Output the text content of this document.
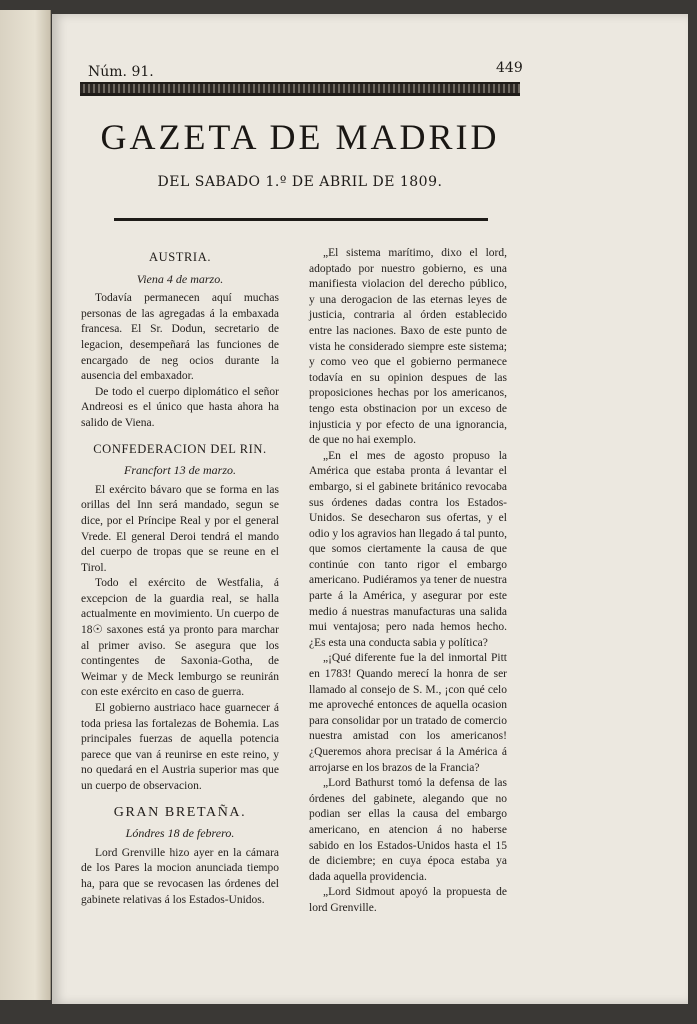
Núm. 91.	449
GAZETA DE MADRID
DEL SABADO 1.º DE ABRIL DE 1809.
AUSTRIA.
Viena 4 de marzo.

Todavía permanecen aquí muchas personas de las agregadas á la embaxada francesa. El Sr. Dodun, secretario de legacion, desempeñará las funciones de encargado de neg ocios durante la ausencia del embaxador.

De todo el cuerpo diplomático el señor Andreosi es el único que hasta ahora ha salido de Viena.

CONFEDERACION DEL RIN.
Francfort 13 de marzo.

El exército bávaro que se forma en las orillas del Inn será mandado, segun se dice, por el Príncipe Real y por el general Vrede. El general Deroi tendrá el mando del cuerpo de tropas que se reune en el Tirol.

Todo el exército de Westfalia, á excepcion de la guardia real, se halla actualmente en movimiento. Un cuerpo de 18☉ saxones está ya pronto para marchar al primer aviso. Se asegura que los contingentes de Saxonia-Gotha, de Weimar y de Meck lemburgo se reunirán con este exército en caso de guerra.

El gobierno austriaco hace guarnecer á toda priesa las fortalezas de Bohemia. Las principales fuerzas de aquella potencia parece que van á reunirse en este reino, y no quedará en el Austria superior mas que un cuerpo de observacion.

GRAN BRETAÑA.
Lóndres 18 de febrero.

Lord Grenville hizo ayer en la cámara de los Pares la mocion anunciada tiempo ha, para que se revocasen las órdenes del gabinete relativas á los Estados-Unidos.

„El sistema marítimo, dixo el lord, adoptado por nuestro gobierno, es una manifiesta violacion del derecho público, y una derogacion de las eternas leyes de justicia, contraria al órden establecido entre las naciones. Baxo de este punto de vista he considerado siempre este sistema; y como veo que el gobierno permanece todavía en su opinion despues de las proposiciones hechas por los americanos, tengo esta obstinacion por un exceso de injusticia y por efecto de una ignorancia, de que no hai exemplo.

„En el mes de agosto propuso la América que estaba pronta á levantar el embargo, si el gabinete británico revocaba sus órdenes dadas contra los Estados-Unidos. Se desecharon sus ofertas, y el odio y los agravios han llegado á tal punto, que somos ciertamente la causa de que continúe con tanto rigor el embargo americano. Pudiéramos ya tener de nuestra parte á la América, y asegurar por este medio á nuestras manufacturas una salida mui ventajosa; pero nada hemos hecho. ¿Es esta una conducta sabia y política?

„¡Qué diferente fue la del inmortal Pitt en 1783! Quando merecí la honra de ser llamado al consejo de S. M., ¡con qué celo me aproveché entonces de aquella ocasion para consolidar por un tratado de comercio nuestra amistad con los americanos! ¿Queremos ahora precisar á la América á arrojarse en los brazos de la Francia?

„Lord Bathurst tomó la defensa de las órdenes del gabinete, alegando que no podian ser ellas la causa del embargo americano, en atencion á no haberse sabido en los Estados-Unidos hasta el 15 de diciembre; en cuya época estaba ya dada aquella providencia.

„Lord Sidmout apoyó la propuesta de lord Grenville.
